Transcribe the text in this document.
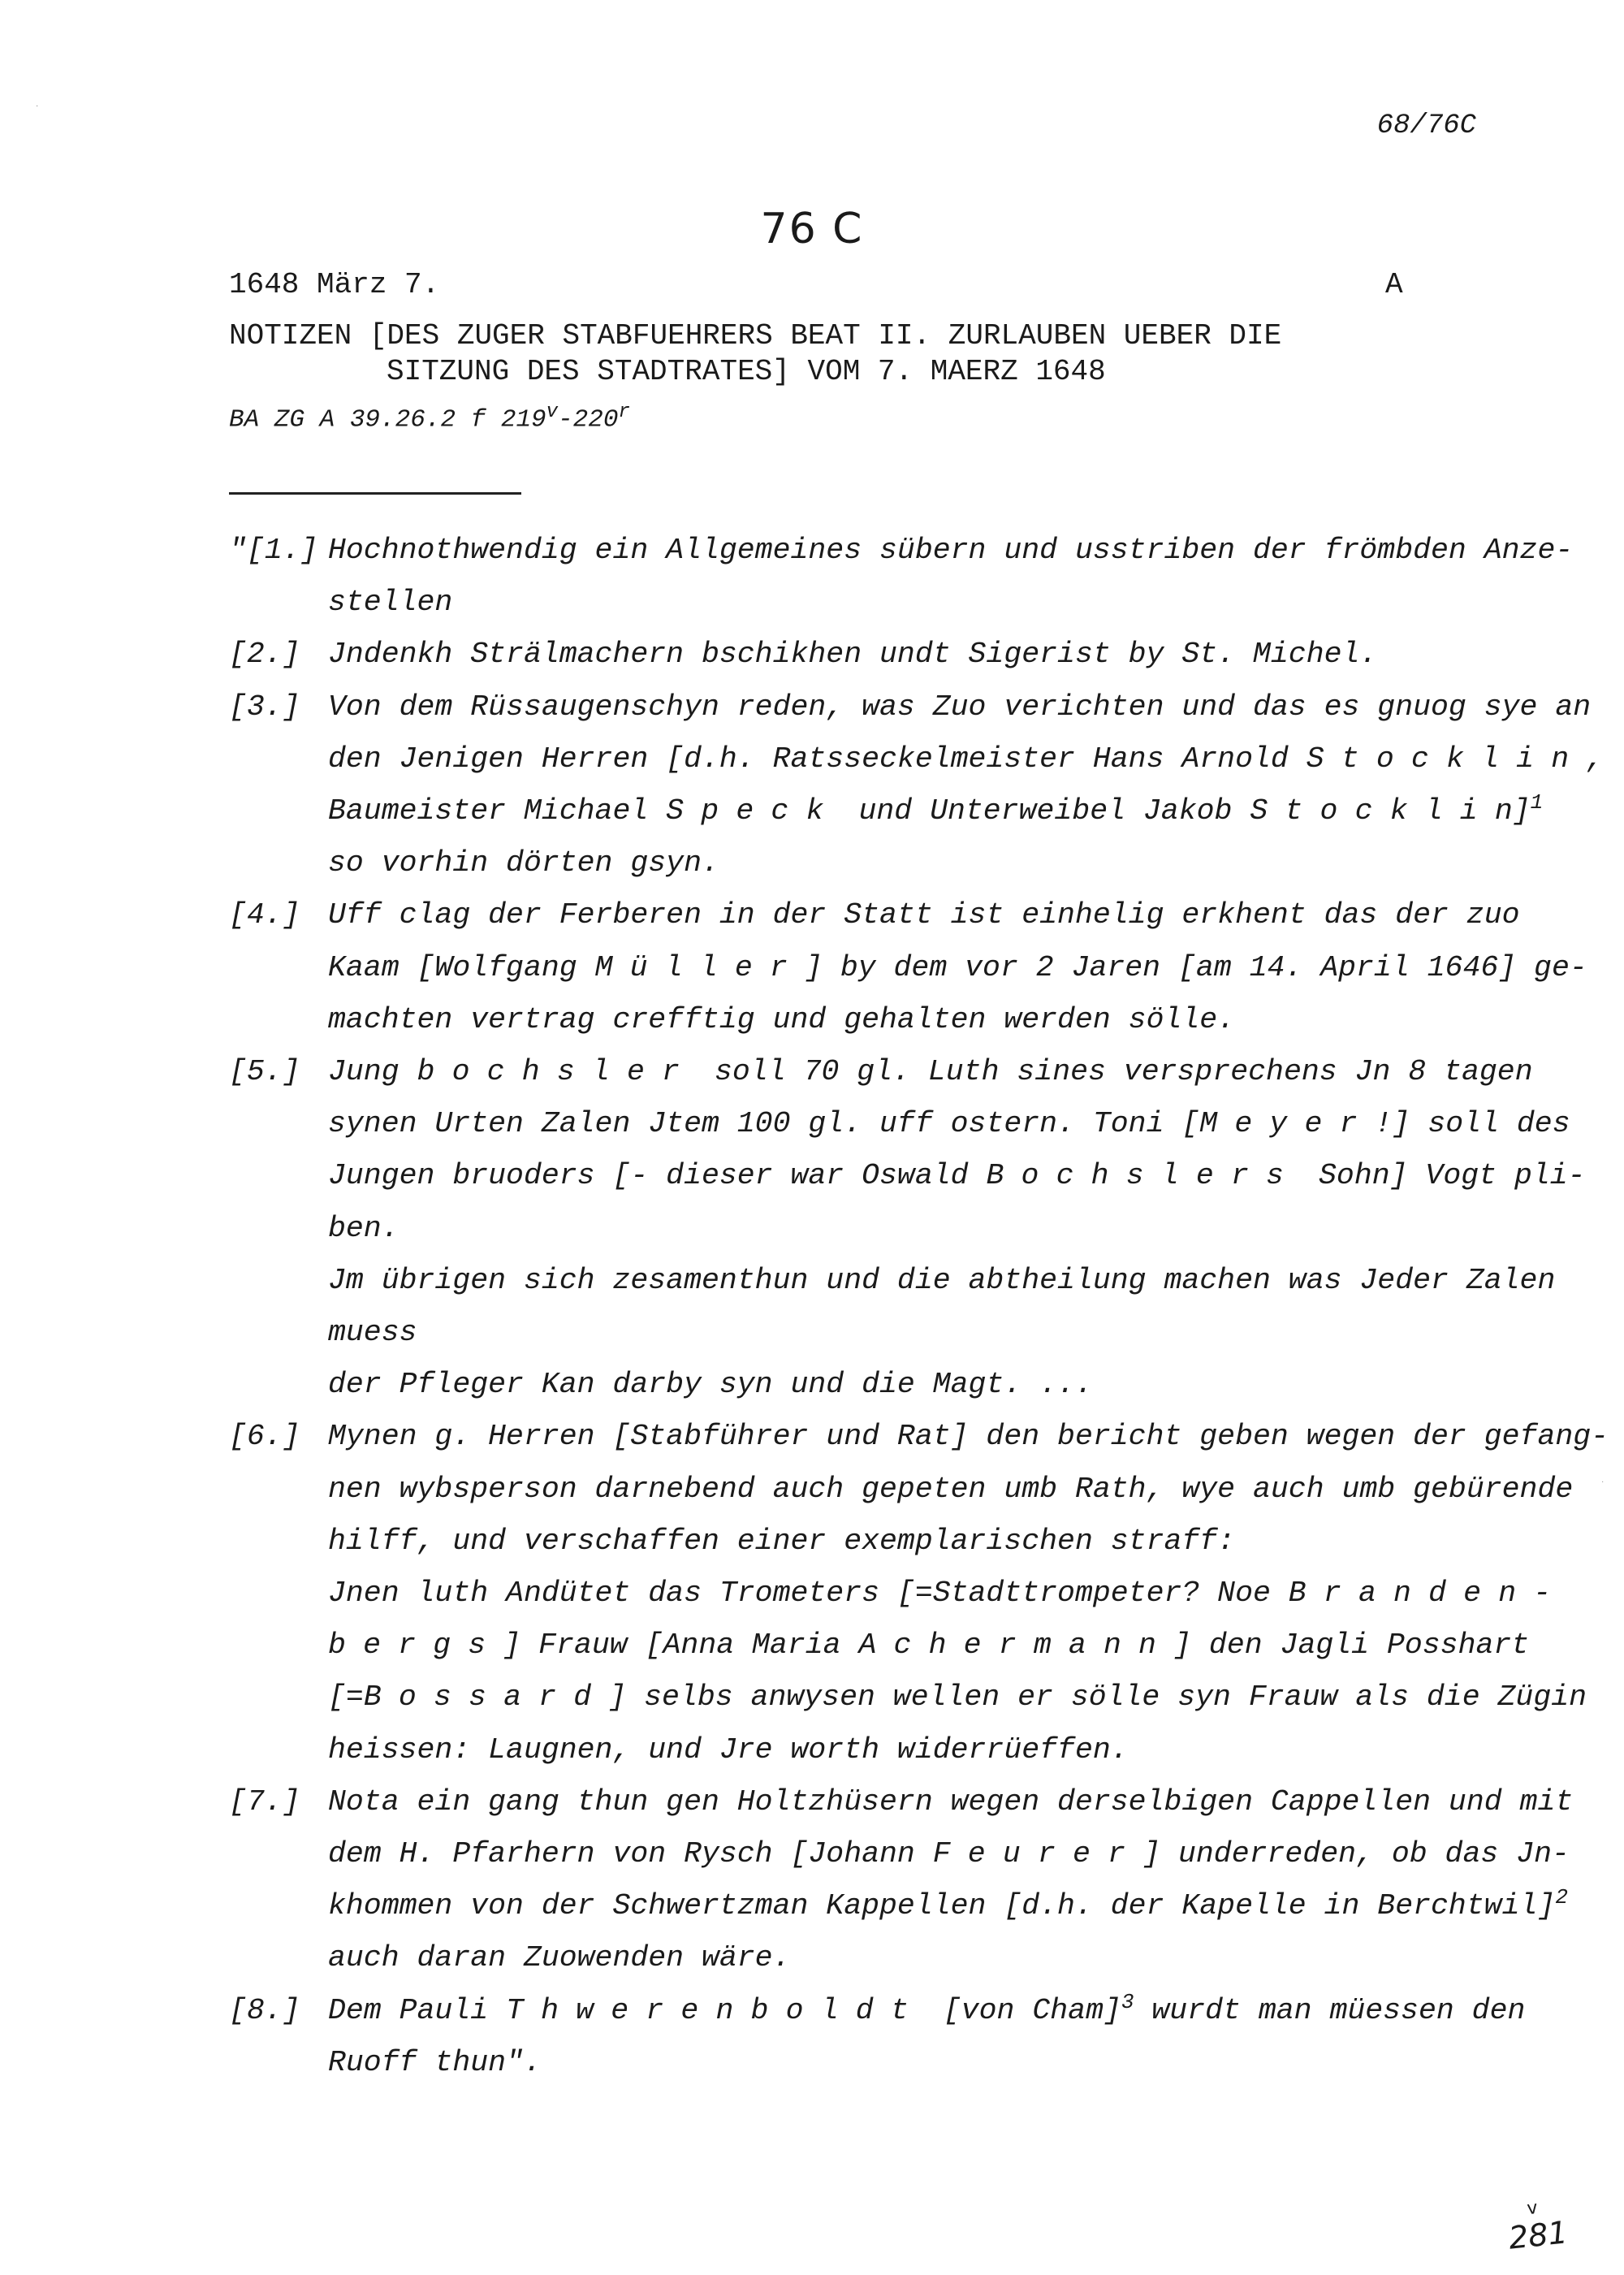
·
·
68/76C
76 C
1648 März 7.	A
NOTIZEN [DES ZUGER STABFUEHRERS BEAT II. ZURLAUBEN UEBER DIE
SITZUNG DES STADTRATES] VOM 7. MAERZ 1648
BA ZG A 39.26.2 f 219$^v$-220$^r$
"[1.] Hochnothwendig ein Allgemeines sübern und usstriben der frömbden Anze-
stellen
[2.] Jndenkh Strälmachern bschikhen undt Sigerist by St. Michel.
[3.] Von dem Rüssaugenschyn reden, was Zuo verichten und das es gnuog sye an
den Jenigen Herren [d.h. Ratsseckelmeister Hans Arnold Stocklin,
Baumeister Michael Speck und Unterweibel Jakob Stocklin]$^1$
so vorhin dörten gsyn.
[4.] Uff clag der Ferberen in der Statt ist einhelig erkhent das der zuo
Kaam [Wolfgang Müller] by dem vor 2 Jaren [am 14. April 1646] ge-
machten vertrag crefftig und gehalten werden sölle.
[5.] Jung bochsler soll 70 gl. Luth sines versprechens Jn 8 tagen
synen Urten Zalen Jtem 100 gl. uff ostern. Toni [Meyer!] soll des
Jungen bruoders [- dieser war Oswald Bochslers Sohn] Vogt pli-
ben.
Jm übrigen sich zesamenthun und die abtheilung machen was Jeder Zalen
muess
der Pfleger Kan darby syn und die Magt. ...
[6.] Mynen g. Herren [Stabführer und Rat] den bericht geben wegen der gefang-
nen wybsperson darnebend auch gepeten umb Rath, wye auch umb gebürende
hilff, und verschaffen einer exemplarischen straff:
Jnen luth Andütet das Trometers [=Stadttrompeter? Noe Branden-
bergs] Frauw [Anna Maria Achermann] den Jagli Posshart
[=Bossard] selbs anwysen wellen er sölle syn Frauw als die Zügin
heissen: Laugnen, und Jre worth widerrüeffen.
[7.] Nota ein gang thun gen Holtzhüsern wegen derselbigen Cappellen und mit
dem H. Pfarhern von Rysch [Johann Feurer] underreden, ob das Jn-
khommen von der Schwertzman Kappellen [d.h. der Kapelle in Berchtwil]$^2$
auch daran Zuowenden wäre.
[8.] Dem Pauli Thwerenboldt [von Cham]$^3$ wurdt man müessen den
Ruoff thun".
v
281
